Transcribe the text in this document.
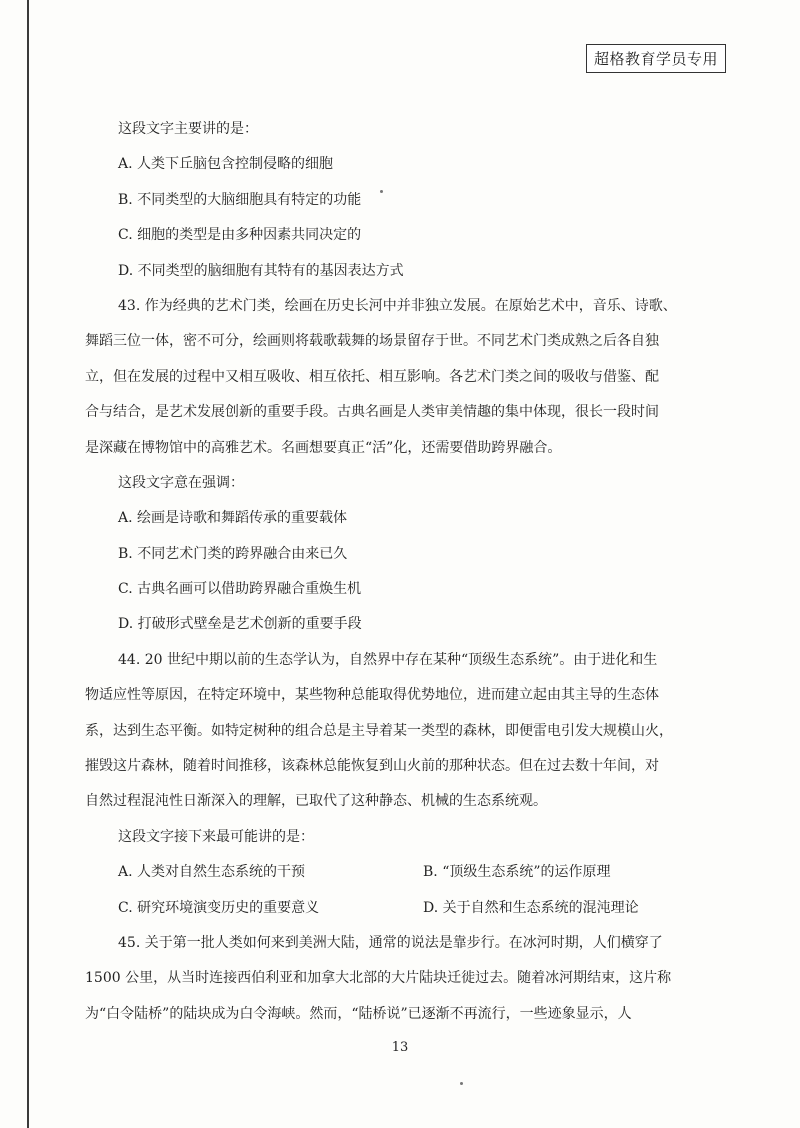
超格教育学员专用
这段文字主要讲的是：
A. 人类下丘脑包含控制侵略的细胞
B. 不同类型的大脑细胞具有特定的功能
C. 细胞的类型是由多种因素共同决定的
D. 不同类型的脑细胞有其特有的基因表达方式
43. 作为经典的艺术门类，绘画在历史长河中并非独立发展。在原始艺术中，音乐、诗歌、
舞蹈三位一体，密不可分，绘画则将载歌载舞的场景留存于世。不同艺术门类成熟之后各自独
立，但在发展的过程中又相互吸收、相互依托、相互影响。各艺术门类之间的吸收与借鉴、配
合与结合，是艺术发展创新的重要手段。古典名画是人类审美情趣的集中体现，很长一段时间
是深藏在博物馆中的高雅艺术。名画想要真正“活”化，还需要借助跨界融合。
这段文字意在强调：
A. 绘画是诗歌和舞蹈传承的重要载体
B. 不同艺术门类的跨界融合由来已久
C. 古典名画可以借助跨界融合重焕生机
D. 打破形式壁垒是艺术创新的重要手段
44. 20 世纪中期以前的生态学认为，自然界中存在某种“顶级生态系统”。由于进化和生
物适应性等原因，在特定环境中，某些物种总能取得优势地位，进而建立起由其主导的生态体
系，达到生态平衡。如特定树种的组合总是主导着某一类型的森林，即便雷电引发大规模山火，
摧毁这片森林，随着时间推移，该森林总能恢复到山火前的那种状态。但在过去数十年间，对
自然过程混沌性日渐深入的理解，已取代了这种静态、机械的生态系统观。
这段文字接下来最可能讲的是：
A. 人类对自然生态系统的干预	B. “顶级生态系统”的运作原理
C. 研究环境演变历史的重要意义	D. 关于自然和生态系统的混沌理论
45. 关于第一批人类如何来到美洲大陆，通常的说法是靠步行。在冰河时期，人们横穿了
1500 公里，从当时连接西伯利亚和加拿大北部的大片陆块迁徙过去。随着冰河期结束，这片称
为“白令陆桥”的陆块成为白令海峡。然而，“陆桥说”已逐渐不再流行，一些迹象显示，人
13
